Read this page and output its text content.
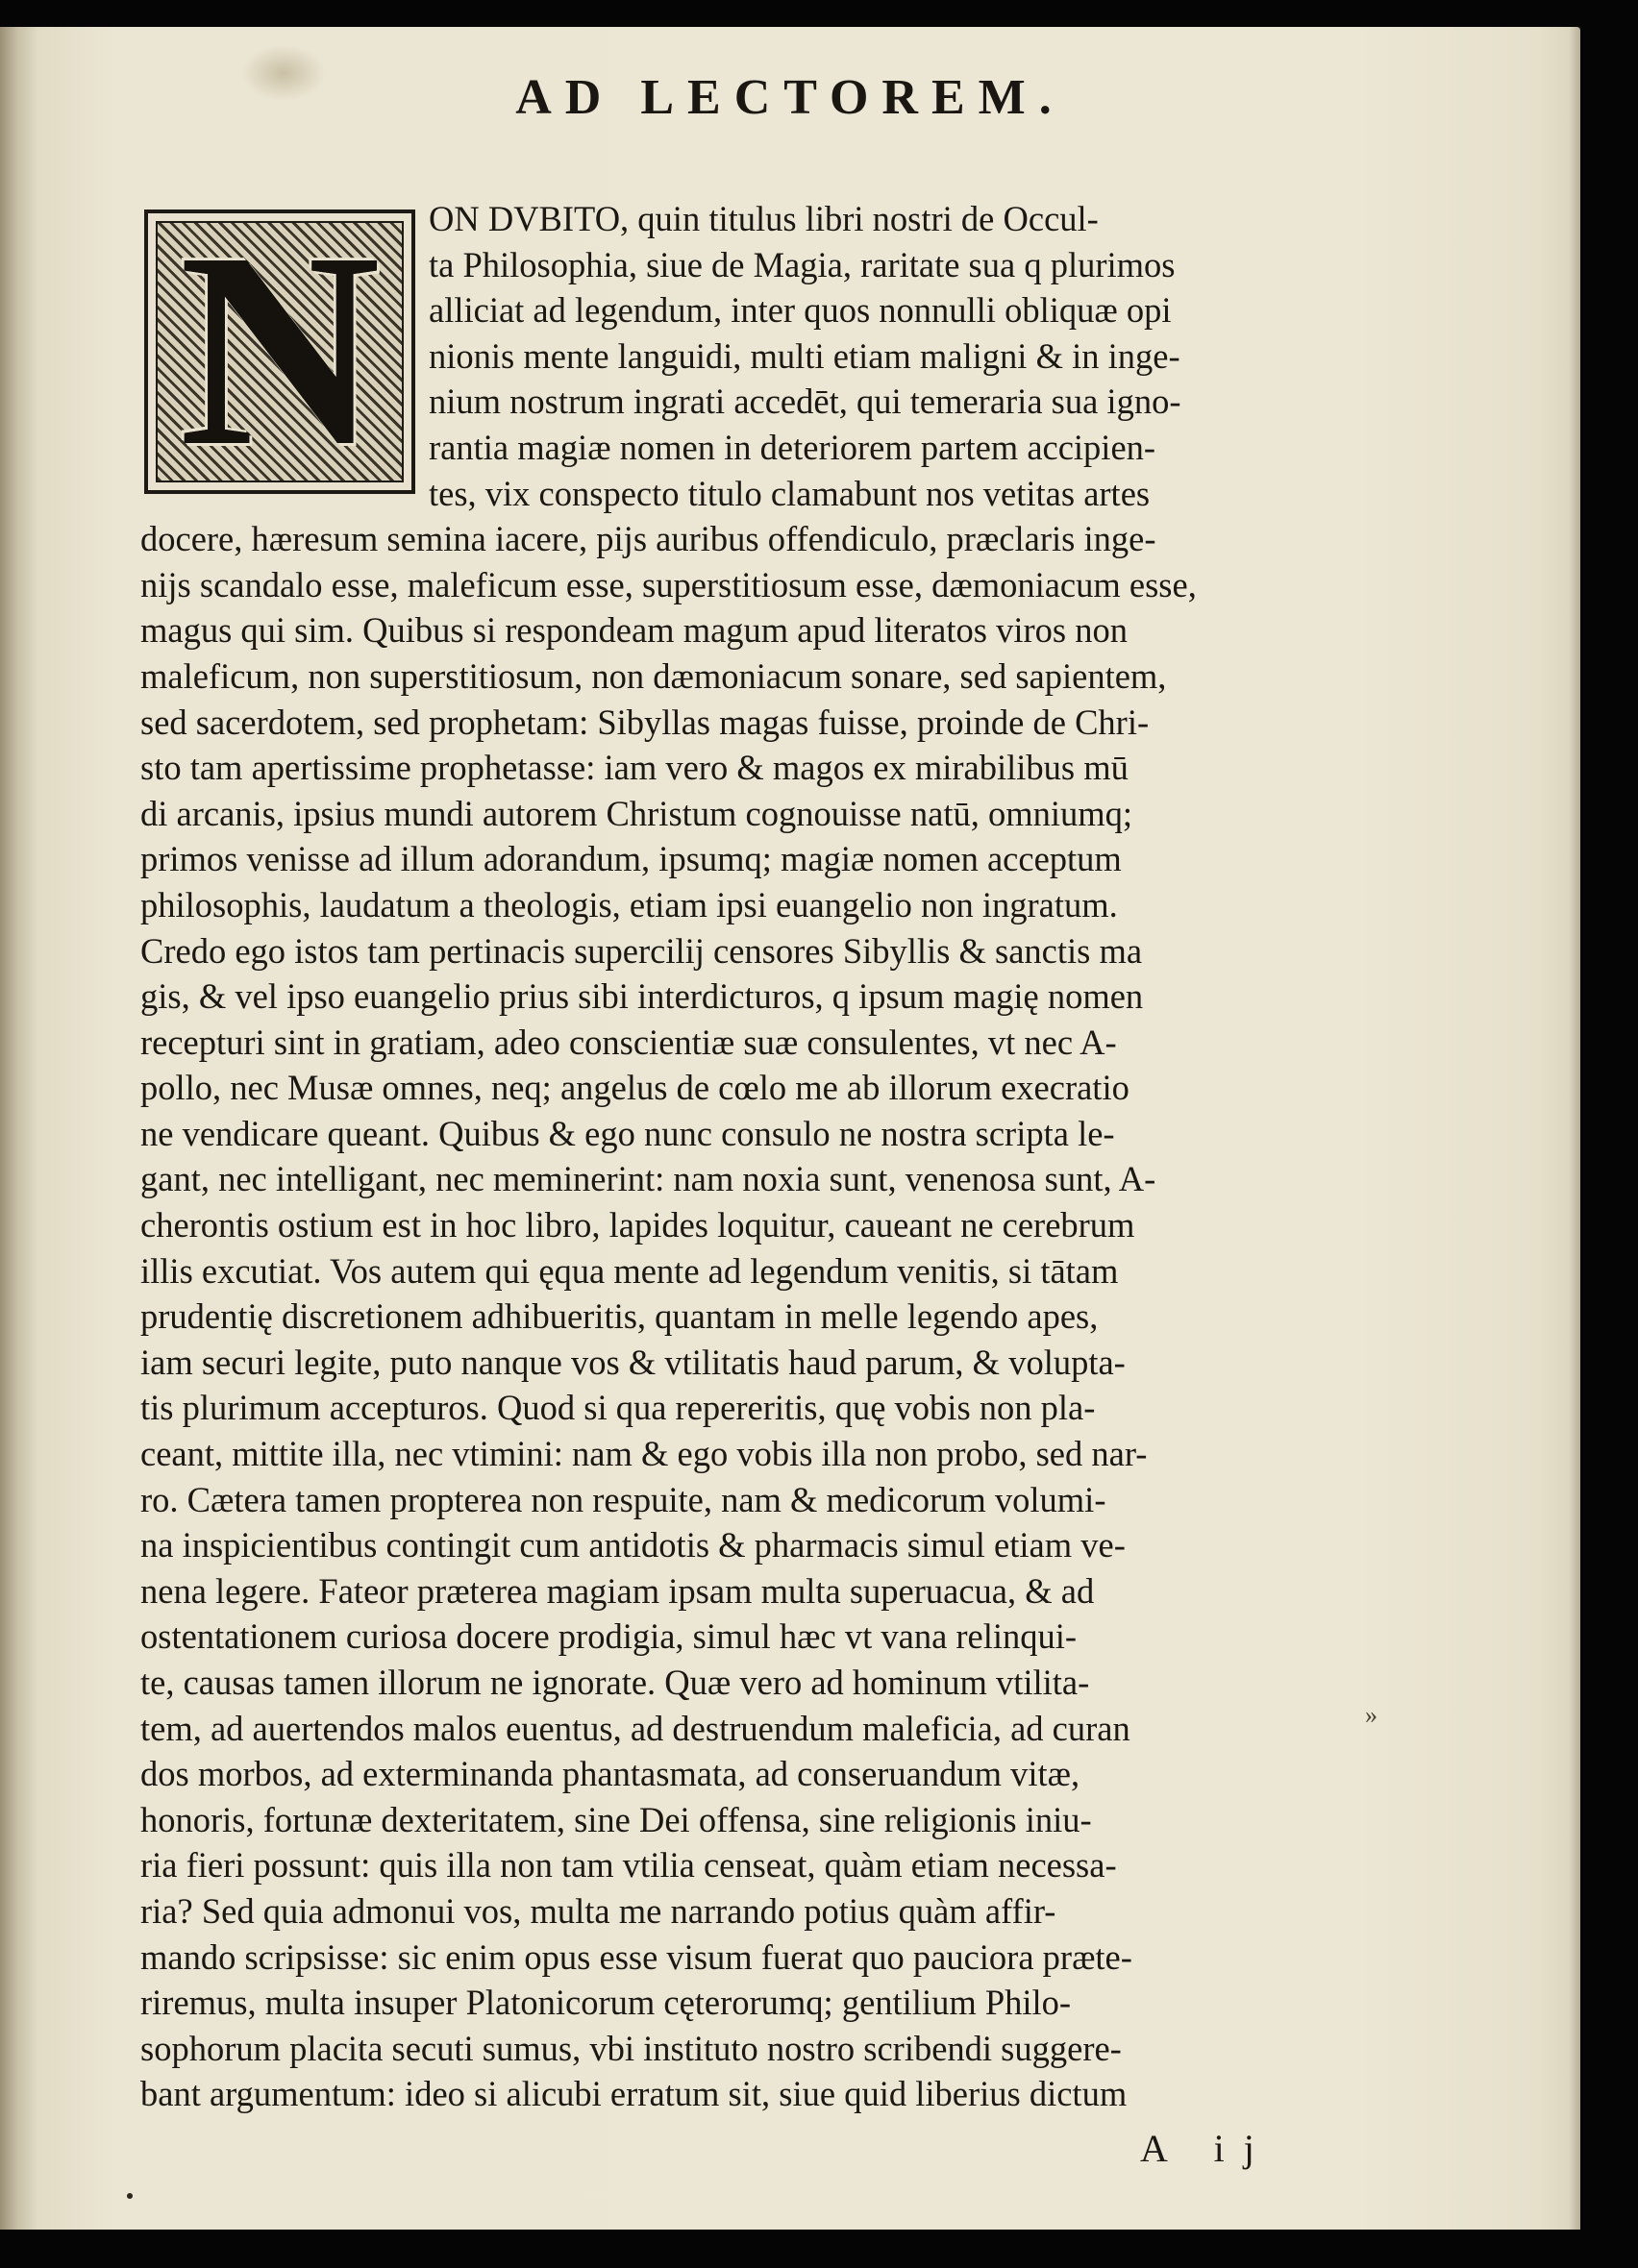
»
AD LECTOREM.
N	ON DVBITO, quin titulus libri nostri de Occul-
ta Philosophia, siue de Magia, raritate sua q plurimos
alliciat ad legendum, inter quos nonnulli obliquæ opi
nionis mente languidi, multi etiam maligni & in inge-
nium nostrum ingrati accedēt, qui temeraria sua igno-
rantia magiæ nomen in deteriorem partem accipien-
tes, vix conspecto titulo clamabunt nos vetitas artes
docere, hæresum semina iacere, pijs auribus offendiculo, præclaris inge-
nijs scandalo esse, maleficum esse, superstitiosum esse, dæmoniacum esse,
magus qui sim. Quibus si respondeam magum apud literatos viros non
maleficum, non superstitiosum, non dæmoniacum sonare, sed sapientem,
sed sacerdotem, sed prophetam: Sibyllas magas fuisse, proinde de Chri-
sto tam apertissime prophetasse: iam vero & magos ex mirabilibus mū
di arcanis, ipsius mundi autorem Christum cognouisse natū, omniumq;
primos venisse ad illum adorandum, ipsumq; magiæ nomen acceptum
philosophis, laudatum a theologis, etiam ipsi euangelio non ingratum.
Credo ego istos tam pertinacis supercilij censores Sibyllis & sanctis ma
gis, & vel ipso euangelio prius sibi interdicturos, q ipsum magię nomen
recepturi sint in gratiam, adeo conscientiæ suæ consulentes, vt nec A-
pollo, nec Musæ omnes, neq; angelus de cœlo me ab illorum execratio
ne vendicare queant. Quibus & ego nunc consulo ne nostra scripta le-
gant, nec intelligant, nec meminerint: nam noxia sunt, venenosa sunt, A-
cherontis ostium est in hoc libro, lapides loquitur, caueant ne cerebrum
illis excutiat. Vos autem qui ęqua mente ad legendum venitis, si tātam
prudentię discretionem adhibueritis, quantam in melle legendo apes,
iam securi legite, puto nanque vos & vtilitatis haud parum, & volupta-
tis plurimum accepturos. Quod si qua repereritis, quę vobis non pla-
ceant, mittite illa, nec vtimini: nam & ego vobis illa non probo, sed nar-
ro. Cætera tamen propterea non respuite, nam & medicorum volumi-
na inspicientibus contingit cum antidotis & pharmacis simul etiam ve-
nena legere. Fateor præterea magiam ipsam multa superuacua, & ad
ostentationem curiosa docere prodigia, simul hæc vt vana relinqui-
te, causas tamen illorum ne ignorate. Quæ vero ad hominum vtilita-
tem, ad auertendos malos euentus, ad destruendum maleficia, ad curan
dos morbos, ad exterminanda phantasmata, ad conseruandum vitæ,
honoris, fortunæ dexteritatem, sine Dei offensa, sine religionis iniu-
ria fieri possunt: quis illa non tam vtilia censeat, quàm etiam necessa-
ria? Sed quia admonui vos, multa me narrando potius quàm affir-
mando scripsisse: sic enim opus esse visum fuerat quo pauciora præte-
riremus, multa insuper Platonicorum cęterorumq; gentilium Philo-
sophorum placita secuti sumus, vbi instituto nostro scribendi suggere-
bant argumentum: ideo si alicubi erratum sit, siue quid liberius dictum
A ij
